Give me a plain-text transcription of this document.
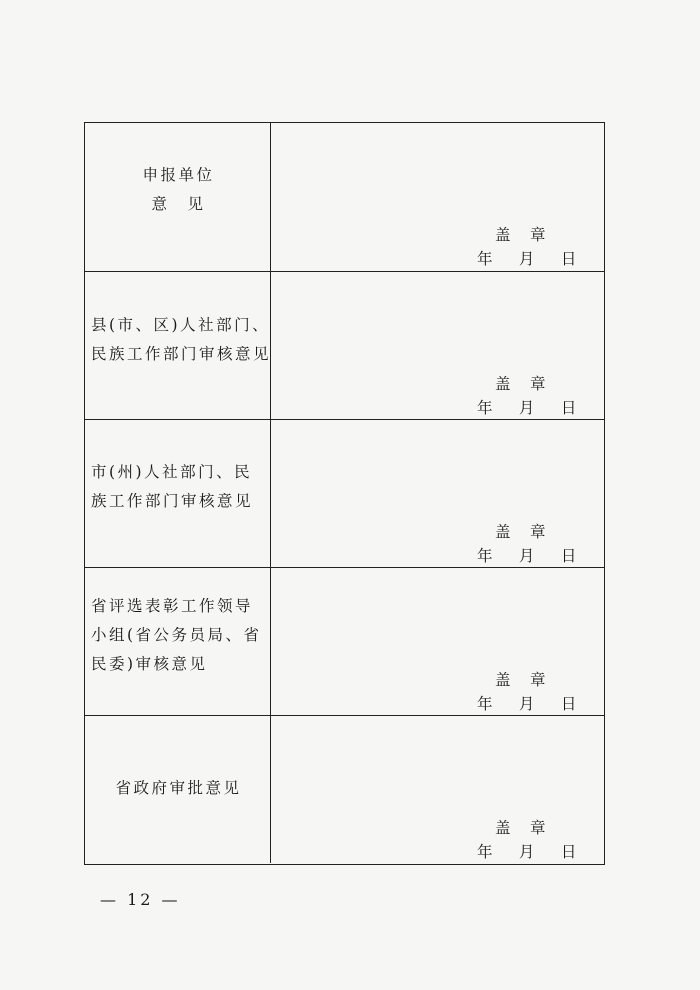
申报单位
意　见
盖　章
年　 月　 日
县(市、区)人社部门、
民族工作部门审核意见
盖　章
年　 月　 日
市(州)人社部门、民
族工作部门审核意见
盖　章
年　 月　 日
省评选表彰工作领导
小组(省公务员局、省
民委)审核意见
盖　章
年　 月　 日
省政府审批意见
盖　章
年　 月　 日
— 12 —
